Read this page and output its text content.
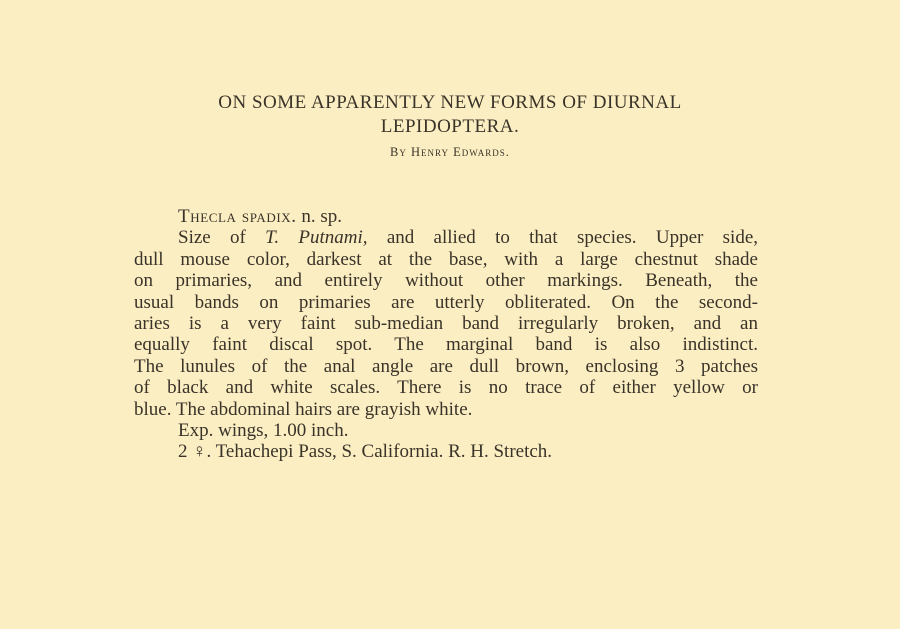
ON SOME APPARENTLY NEW FORMS OF DIURNAL
LEPIDOPTERA.
By Henry Edwards.
Thecla spadix. n. sp.
Size of T. Putnami, and allied to that species. Upper side,
dull mouse color, darkest at the base, with a large chestnut shade
on primaries, and entirely without other markings. Beneath, the
usual bands on primaries are utterly obliterated. On the second-
aries is a very faint sub-median band irregularly broken, and an
equally faint discal spot. The marginal band is also indistinct.
The lunules of the anal angle are dull brown, enclosing 3 patches
of black and white scales. There is no trace of either yellow or
blue. The abdominal hairs are grayish white.
Exp. wings, 1.00 inch.
2 ♀. Tehachepi Pass, S. California. R. H. Stretch.
